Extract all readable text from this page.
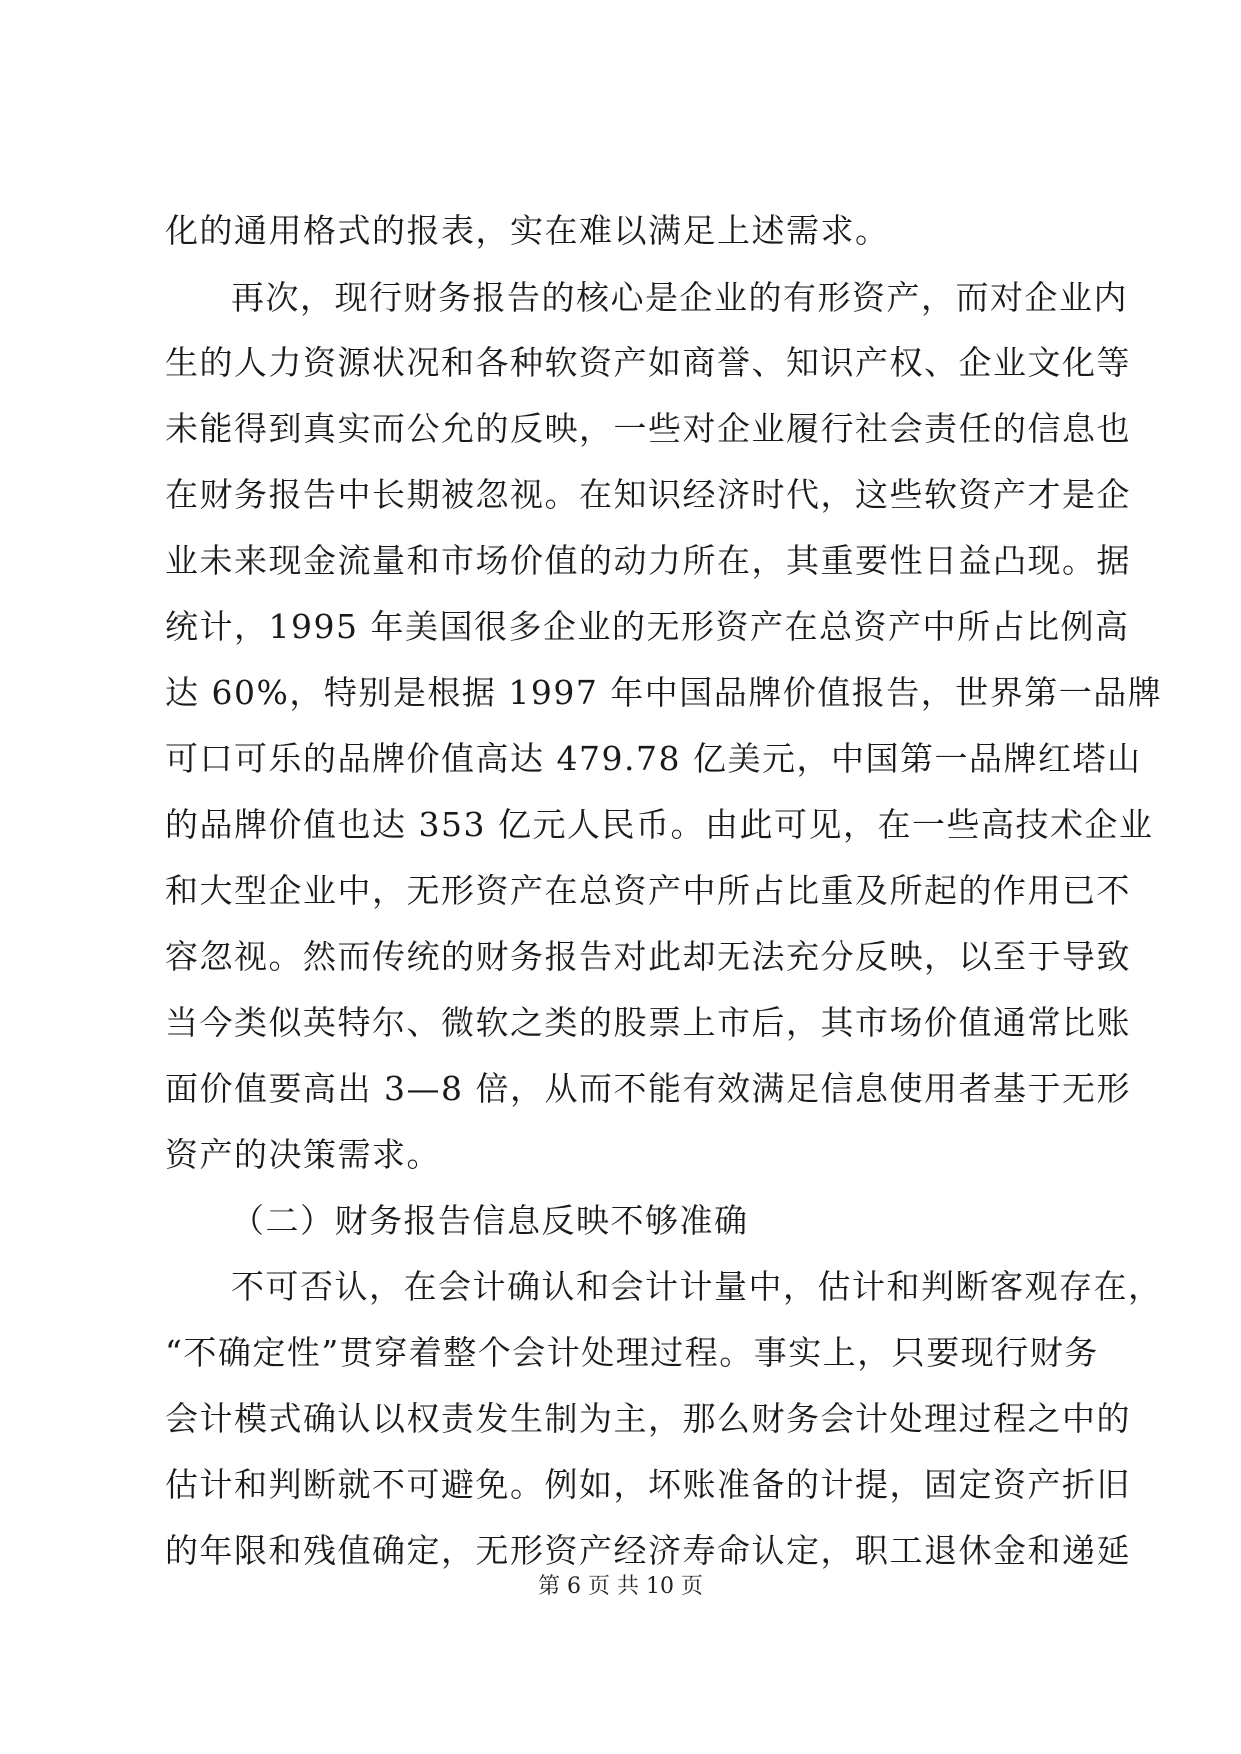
化的通用格式的报表，实在难以满足上述需求。
再次，现行财务报告的核心是企业的有形资产，而对企业内
生的人力资源状况和各种软资产如商誉、知识产权、企业文化等
未能得到真实而公允的反映，一些对企业履行社会责任的信息也
在财务报告中长期被忽视。在知识经济时代，这些软资产才是企
业未来现金流量和市场价值的动力所在，其重要性日益凸现。据
统计，1995 年美国很多企业的无形资产在总资产中所占比例高
达 60%，特别是根据 1997 年中国品牌价值报告，世界第一品牌
可口可乐的品牌价值高达 479.78 亿美元，中国第一品牌红塔山
的品牌价值也达 353 亿元人民币。由此可见，在一些高技术企业
和大型企业中，无形资产在总资产中所占比重及所起的作用已不
容忽视。然而传统的财务报告对此却无法充分反映，以至于导致
当今类似英特尔、微软之类的股票上市后，其市场价值通常比账
面价值要高出 3—8 倍，从而不能有效满足信息使用者基于无形
资产的决策需求。
（二）财务报告信息反映不够准确
不可否认，在会计确认和会计计量中，估计和判断客观存在，
“不确定性”贯穿着整个会计处理过程。事实上，只要现行财务
会计模式确认以权责发生制为主，那么财务会计处理过程之中的
估计和判断就不可避免。例如，坏账准备的计提，固定资产折旧
的年限和残值确定，无形资产经济寿命认定，职工退休金和递延
第 6 页 共 10 页
